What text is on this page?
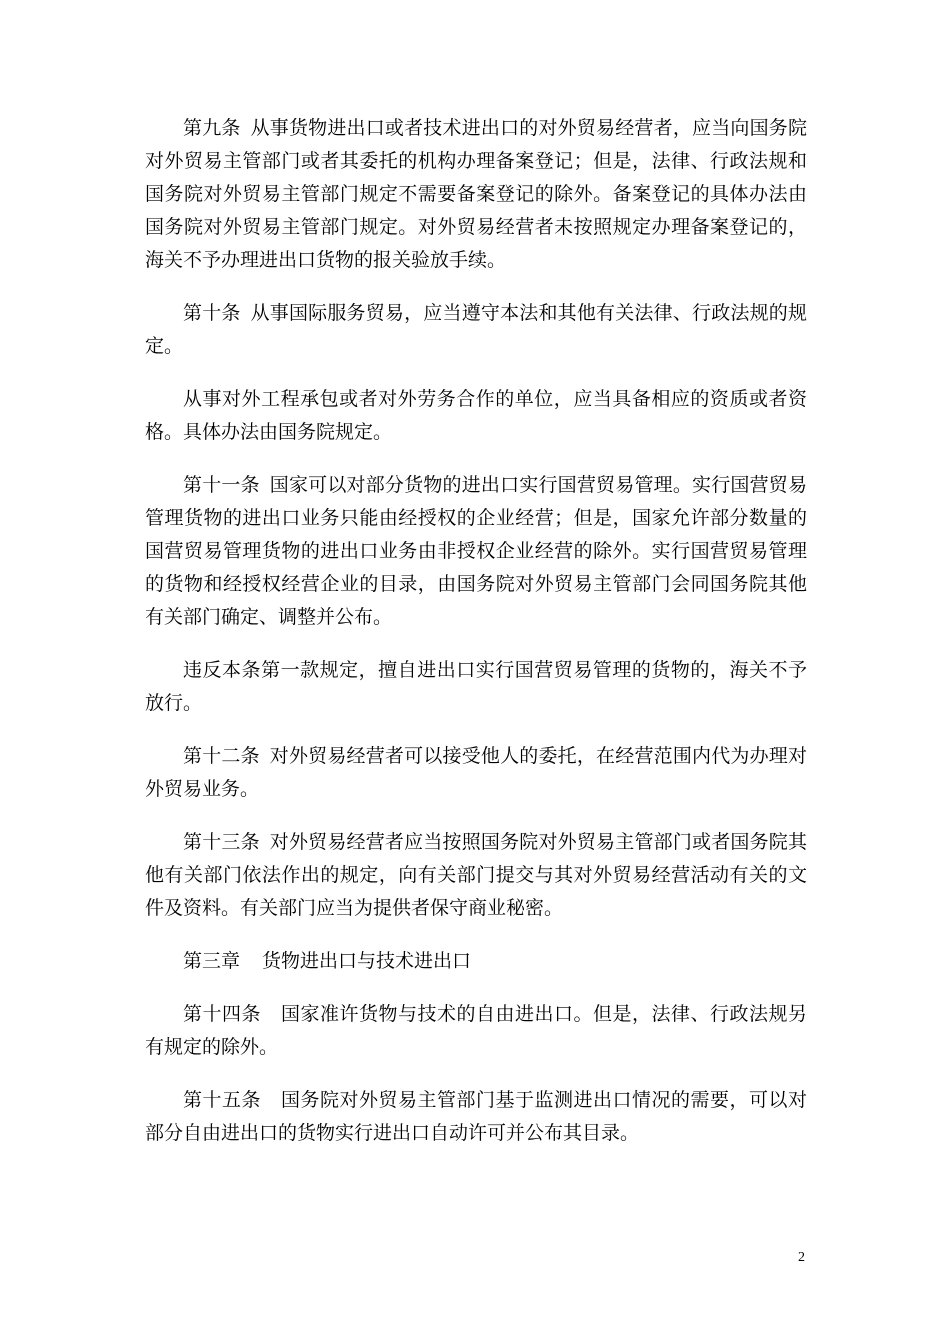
第九条 从事货物进出口或者技术进出口的对外贸易经营者，应当向国务院对外贸易主管部门或者其委托的机构办理备案登记；但是，法律、行政法规和国务院对外贸易主管部门规定不需要备案登记的除外。备案登记的具体办法由国务院对外贸易主管部门规定。对外贸易经营者未按照规定办理备案登记的，海关不予办理进出口货物的报关验放手续。

第十条 从事国际服务贸易，应当遵守本法和其他有关法律、行政法规的规定。

从事对外工程承包或者对外劳务合作的单位，应当具备相应的资质或者资格。具体办法由国务院规定。

第十一条 国家可以对部分货物的进出口实行国营贸易管理。实行国营贸易管理货物的进出口业务只能由经授权的企业经营；但是，国家允许部分数量的国营贸易管理货物的进出口业务由非授权企业经营的除外。实行国营贸易管理的货物和经授权经营企业的目录，由国务院对外贸易主管部门会同国务院其他有关部门确定、调整并公布。

违反本条第一款规定，擅自进出口实行国营贸易管理的货物的，海关不予放行。

第十二条 对外贸易经营者可以接受他人的委托，在经营范围内代为办理对外贸易业务。

第十三条 对外贸易经营者应当按照国务院对外贸易主管部门或者国务院其他有关部门依法作出的规定，向有关部门提交与其对外贸易经营活动有关的文件及资料。有关部门应当为提供者保守商业秘密。

第三章 货物进出口与技术进出口

第十四条 国家准许货物与技术的自由进出口。但是，法律、行政法规另有规定的除外。

第十五条 国务院对外贸易主管部门基于监测进出口情况的需要，可以对部分自由进出口的货物实行进出口自动许可并公布其目录。

2
